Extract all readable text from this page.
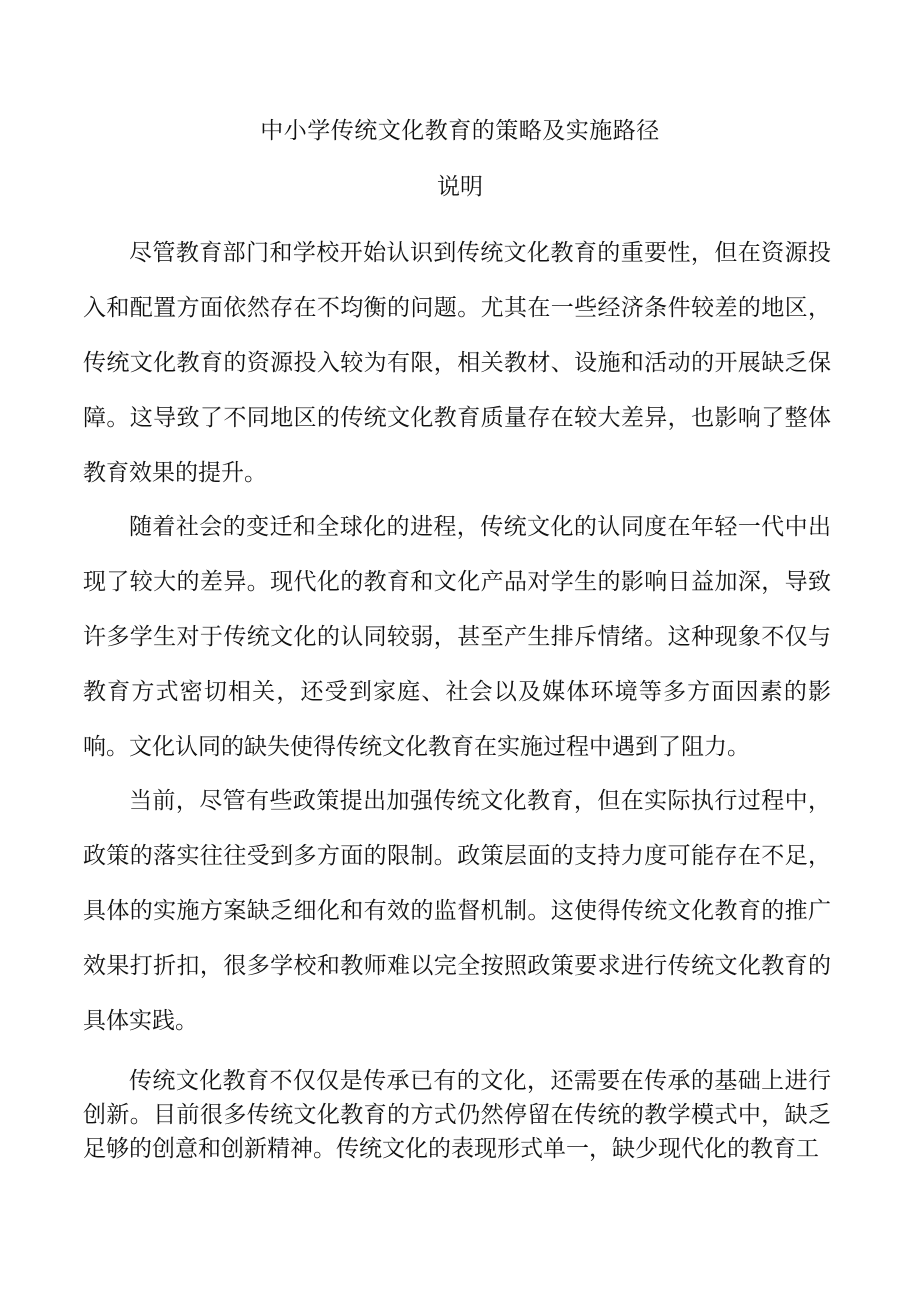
中小学传统文化教育的策略及实施路径
说明

尽管教育部门和学校开始认识到传统文化教育的重要性，但在资源投入和配置方面依然存在不均衡的问题。尤其在一些经济条件较差的地区，传统文化教育的资源投入较为有限，相关教材、设施和活动的开展缺乏保障。这导致了不同地区的传统文化教育质量存在较大差异，也影响了整体教育效果的提升。

随着社会的变迁和全球化的进程，传统文化的认同度在年轻一代中出现了较大的差异。现代化的教育和文化产品对学生的影响日益加深，导致许多学生对于传统文化的认同较弱，甚至产生排斥情绪。这种现象不仅与教育方式密切相关，还受到家庭、社会以及媒体环境等多方面因素的影响。文化认同的缺失使得传统文化教育在实施过程中遇到了阻力。

当前，尽管有些政策提出加强传统文化教育，但在实际执行过程中，政策的落实往往受到多方面的限制。政策层面的支持力度可能存在不足，具体的实施方案缺乏细化和有效的监督机制。这使得传统文化教育的推广效果打折扣，很多学校和教师难以完全按照政策要求进行传统文化教育的具体实践。

传统文化教育不仅仅是传承已有的文化，还需要在传承的基础上进行创新。目前很多传统文化教育的方式仍然停留在传统的教学模式中，缺乏足够的创意和创新精神。传统文化的表现形式单一，缺少现代化的教育工
